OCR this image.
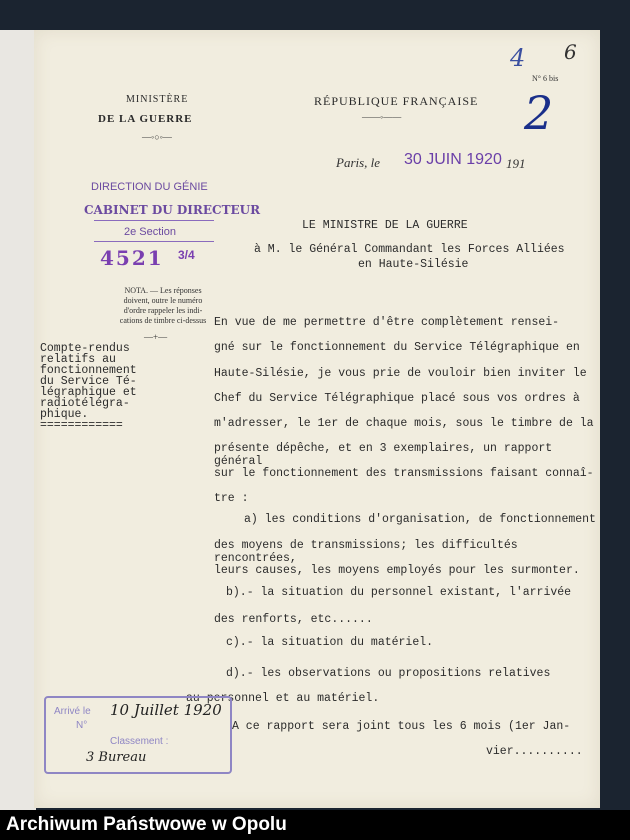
6
4
N° 6 bis
2
MINISTÈRE
DE LA GUERRE
—◦○◦—
RÉPUBLIQUE FRANÇAISE
——◦——
Paris, le 30 JUIN 1920 191
DIRECTION DU GÉNIE
CABINET DU DIRECTEUR
2e Section
4521 3/4
NOTA. — Les réponses
doivent, outre le numéro
d'ordre rappeler les indi-
cations de timbre ci-dessus
—+—
Compte-rendus
relatifs au
fonctionnement
du Service Té-
légraphique et
radiotélégra-
phique.
============
LE MINISTRE DE LA GUERRE
à M. le Général Commandant les Forces Alliées
en Haute-Silésie
En vue de me permettre d'être complètement rensei-
gné sur le fonctionnement du Service Télégraphique en
Haute-Silésie, je vous prie de vouloir bien inviter le
Chef du Service Télégraphique placé sous vos ordres à
m'adresser, le 1er de chaque mois, sous le timbre de la
présente dépêche, et en 3 exemplaires, un rapport général
sur le fonctionnement des transmissions faisant connaî-
tre :
a) les conditions d'organisation, de fonctionnement
des moyens de transmissions; les difficultés rencontrées,
leurs causes, les moyens employés pour les surmonter.
b).- la situation du personnel existant, l'arrivée
des renforts, etc......
c).- la situation du matériel.
d).- les observations ou propositions relatives
au personnel et au matériel.
A ce rapport sera joint tous les 6 mois (1er Jan-
vier..........
Arrivé le 10 Juillet 1920
N°
Classement :
3 Bureau
Archiwum Państwowe w Opolu
